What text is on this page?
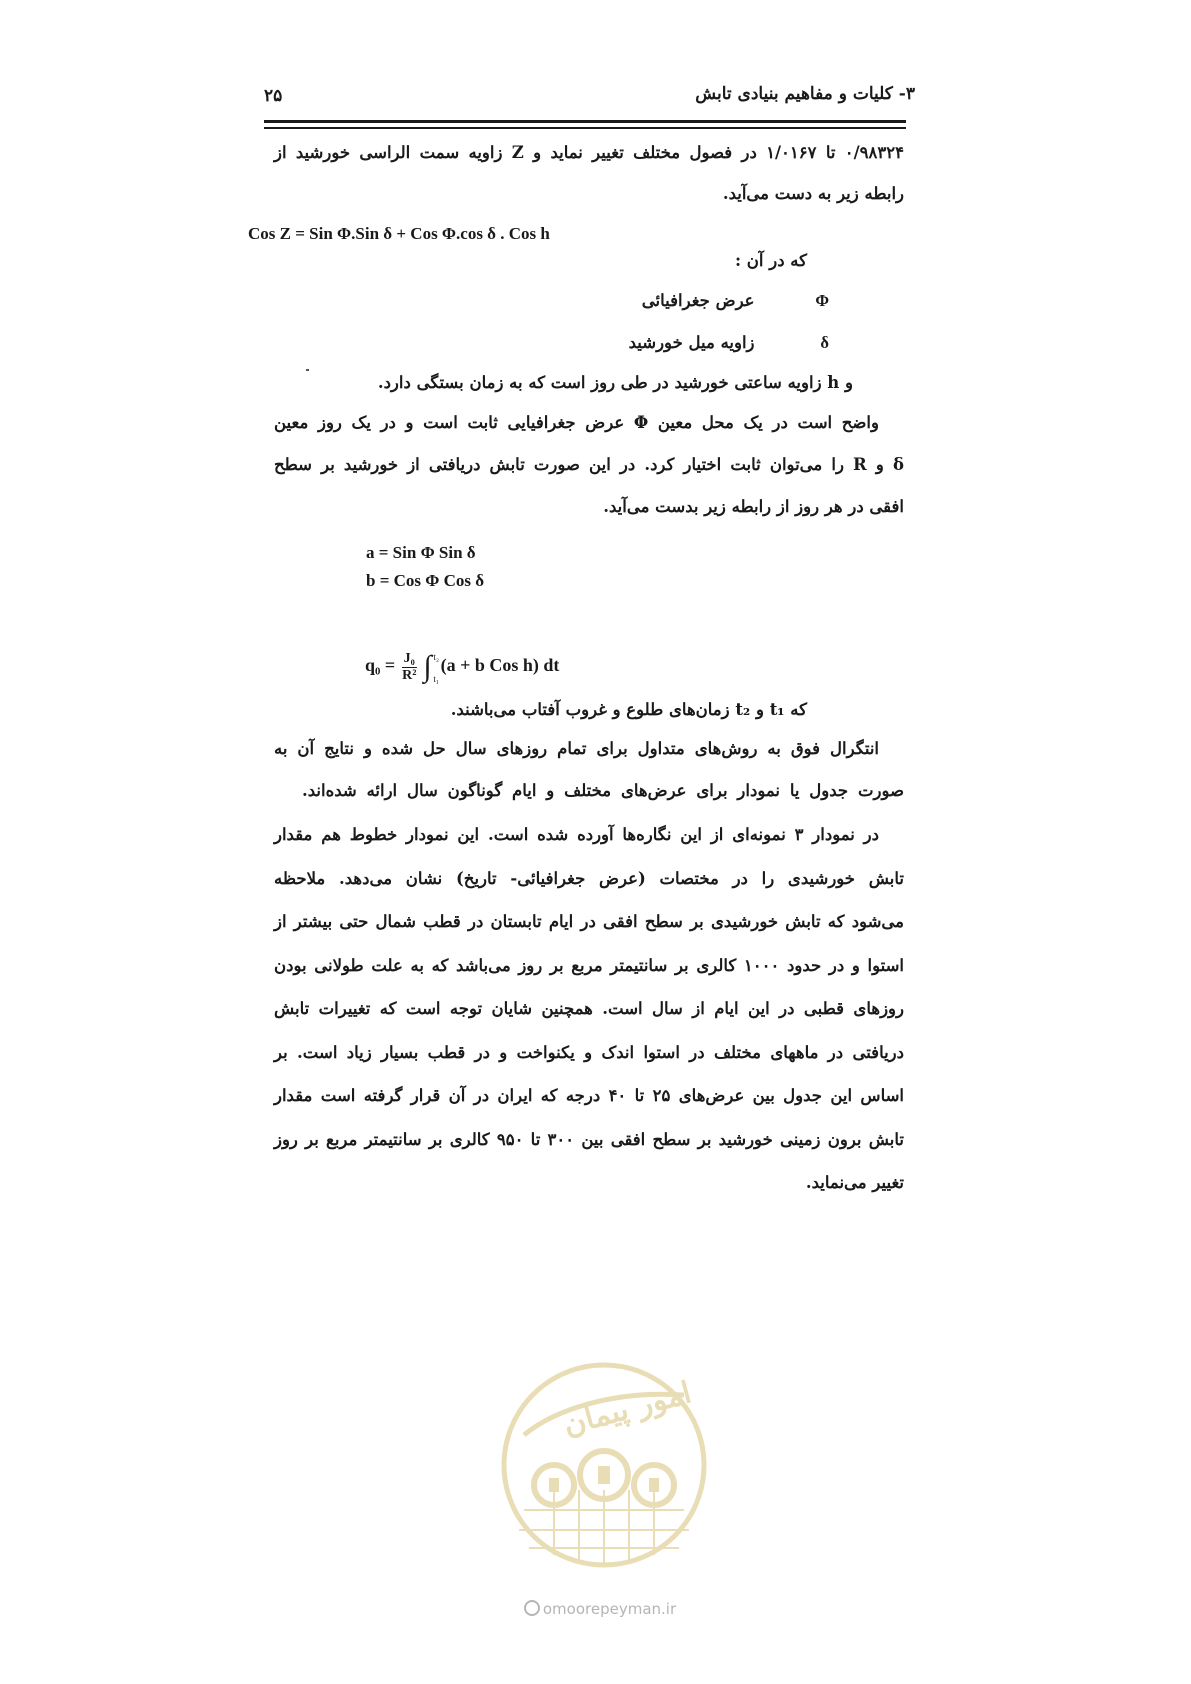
۲۵	۳- کلیات و مفاهیم بنیادی تابش
۰/۹۸۳۲۴ تا ۱/۰۱۶۷ در فصول مختلف تغییر نماید و Z زاویه سمت الراسی خورشید از
رابطه زیر به دست می‌آید.
Cos Z = Sin Φ.Sin δ + Cos Φ.cos δ . Cos h
که در آن :
Φ      عرض جغرافیائی
δ      زاویه میل خورشید
و h زاویه ساعتی خورشید در طی روز است که به زمان بستگی دارد.
واضح است در یک محل معین Φ عرض جغرافیایی ثابت است و در یک روز معین
δ و R را می‌توان ثابت اختیار کرد. در این صورت تابش دریافتی از خورشید بر سطح
افقی در هر روز از رابطه زیر بدست می‌آید.
a = Sin Φ Sin δ
b = Cos Φ Cos δ
$q_0 = \frac{\text{J₀}}{\text{R²}}$ ∫ t₂
t₁
(a + b Cos h) dt
که t₁ و t₂ زمان‌های طلوع و غروب آفتاب می‌باشند.
انتگرال فوق به روش‌های متداول برای تمام روزهای سال حل شده و نتایج آن به
صورت جدول یا نمودار برای عرض‌های مختلف و ایام گوناگون سال ارائه شده‌اند.
در نمودار ۳ نمونه‌ای از این نگاره‌ها آورده شده است. این نمودار خطوط هم مقدار
تابش خورشیدی را در مختصات (عرض جغرافیائی- تاریخ) نشان می‌دهد. ملاحظه
می‌شود که تابش خورشیدی بر سطح افقی در ایام تابستان در قطب شمال حتی بیشتر از
استوا و در حدود ۱۰۰۰ کالری بر سانتیمتر مربع بر روز می‌باشد که به علت طولانی بودن
روزهای قطبی در این ایام از سال است. همچنین شایان توجه است که تغییرات تابش
دریافتی در ماههای مختلف در استوا اندک و یکنواخت و در قطب بسیار زیاد است. بر
اساس این جدول بین عرض‌های ۲۵ تا ۴۰ درجه که ایران در آن قرار گرفته است مقدار
تابش برون زمینی خورشید بر سطح افقی بین ۳۰۰ تا ۹۵۰ کالری بر سانتیمتر مربع بر روز
تغییر می‌نماید.
امور پیمان
omoorepeyman.ir
